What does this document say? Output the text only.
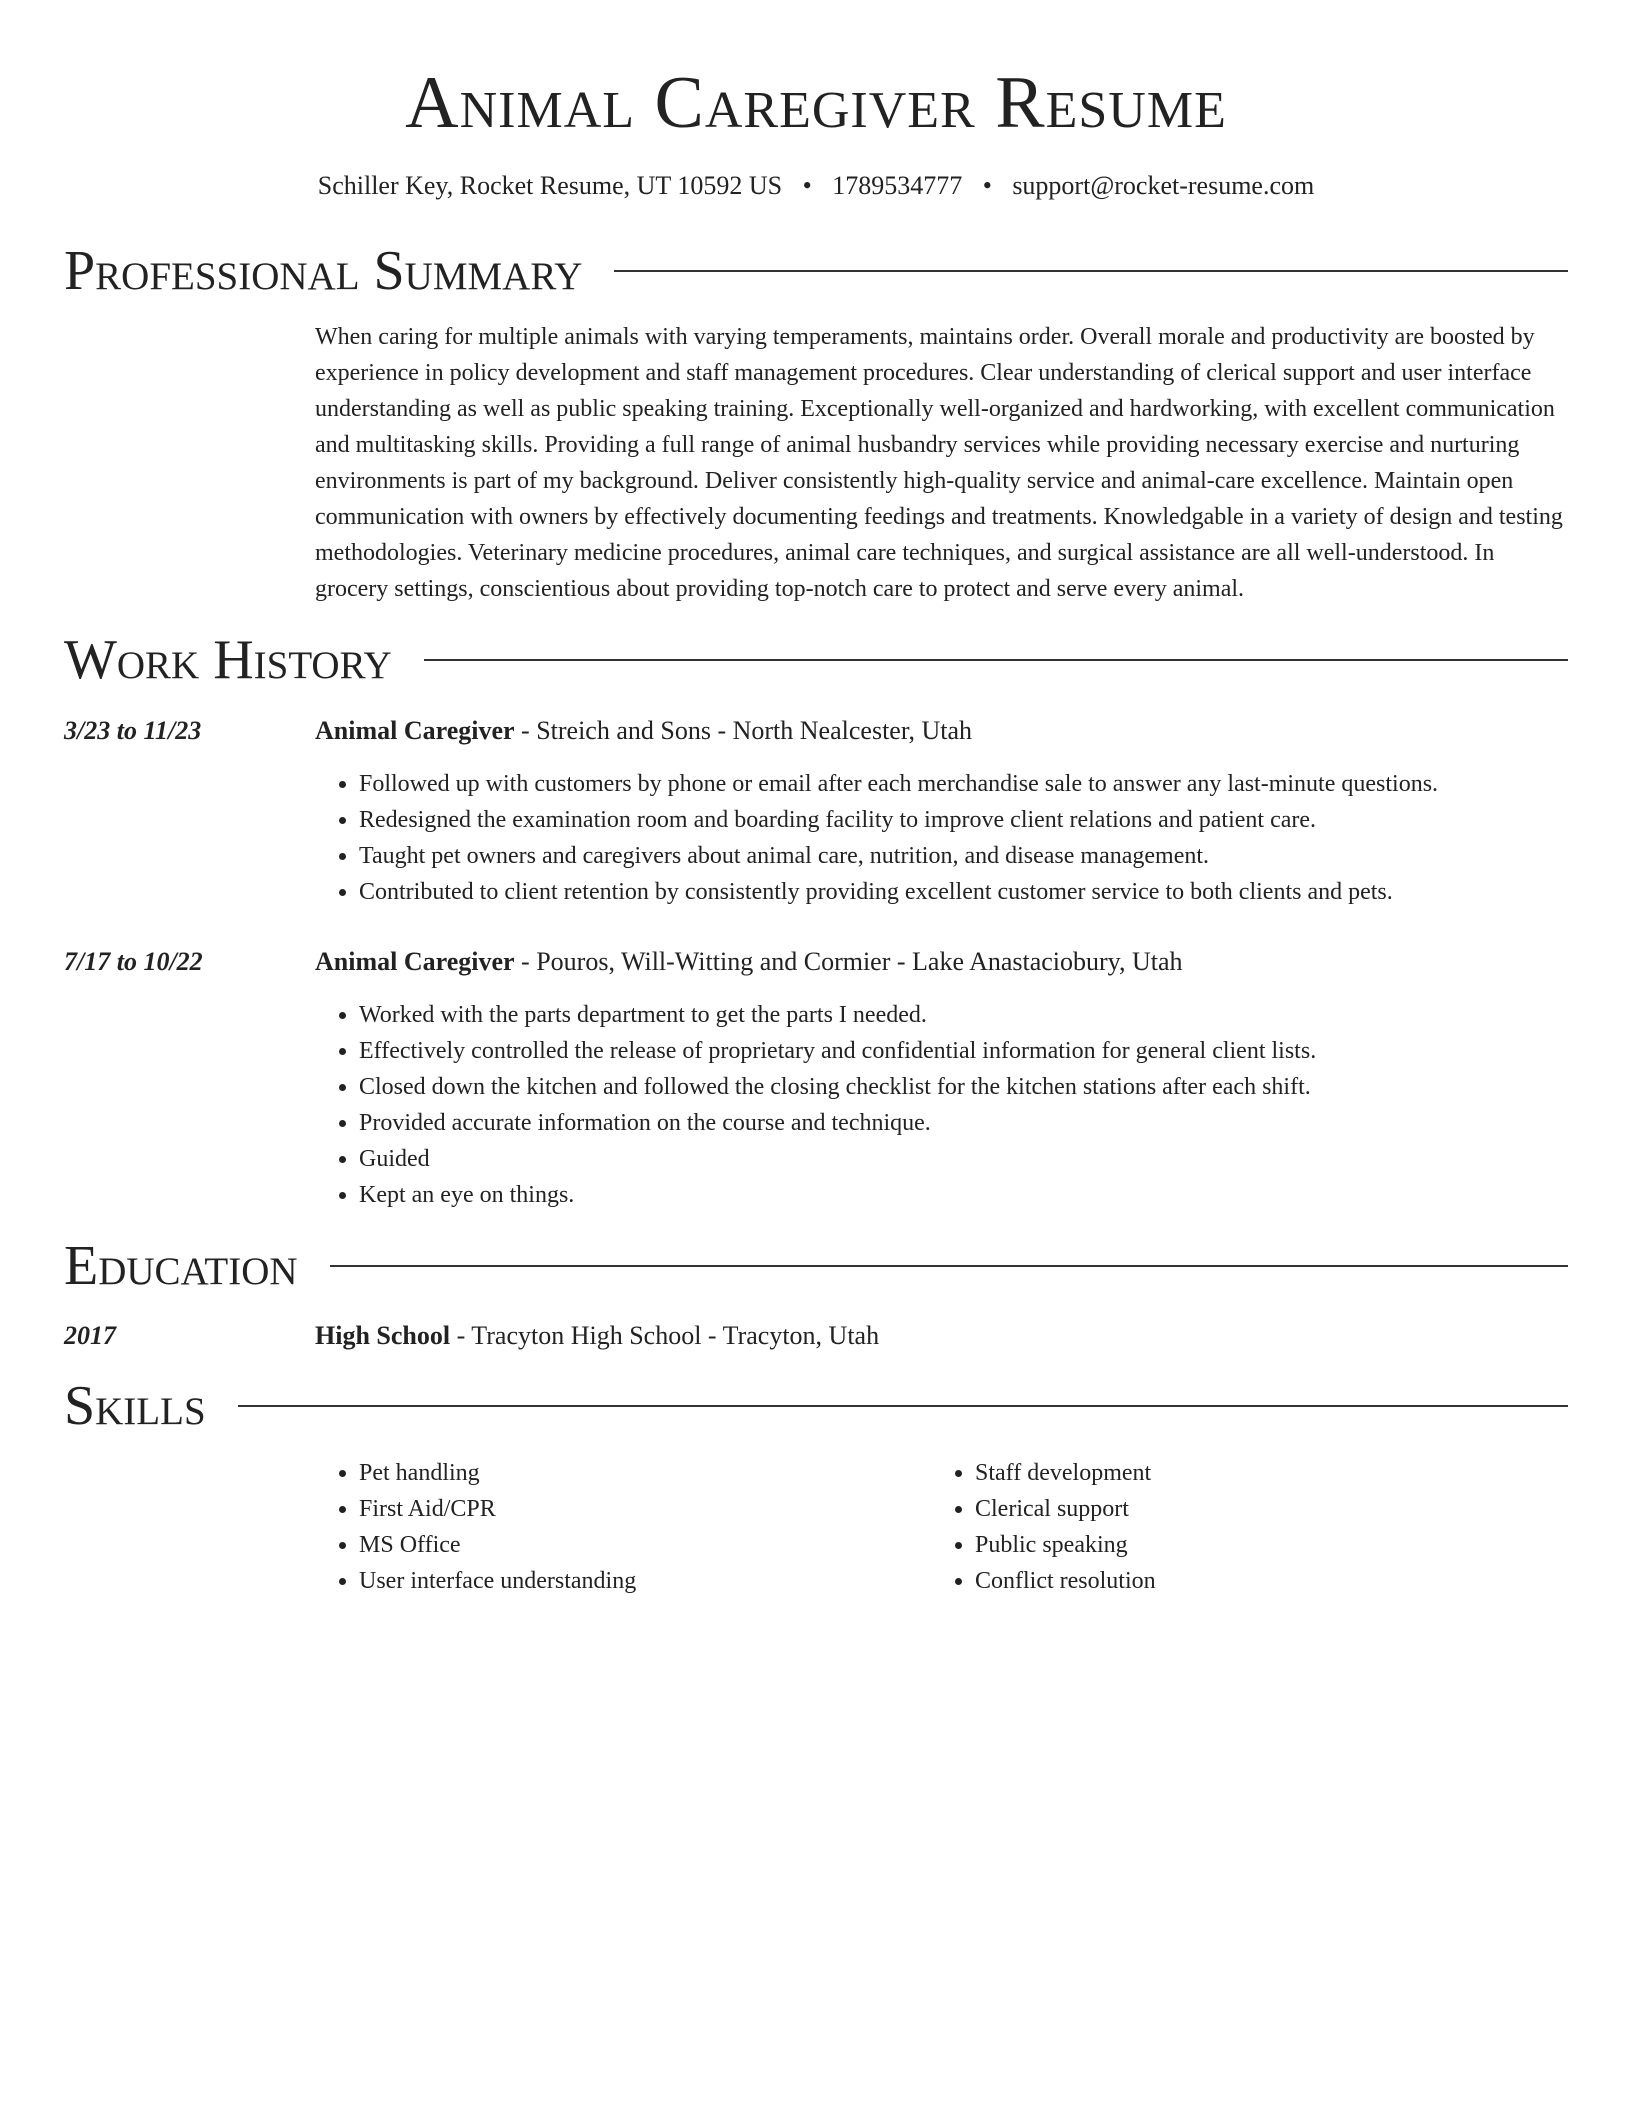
Animal Caregiver Resume
Schiller Key, Rocket Resume, UT 10592 US • 1789534777 • support@rocket-resume.com
Professional Summary
When caring for multiple animals with varying temperaments, maintains order. Overall morale and productivity are boosted by experience in policy development and staff management procedures. Clear understanding of clerical support and user interface understanding as well as public speaking training. Exceptionally well-organized and hardworking, with excellent communication and multitasking skills. Providing a full range of animal husbandry services while providing necessary exercise and nurturing environments is part of my background. Deliver consistently high-quality service and animal-care excellence. Maintain open communication with owners by effectively documenting feedings and treatments. Knowledgable in a variety of design and testing methodologies. Veterinary medicine procedures, animal care techniques, and surgical assistance are all well-understood. In grocery settings, conscientious about providing top-notch care to protect and serve every animal.
Work History
3/23 to 11/23	Animal Caregiver - Streich and Sons - North Nealcester, Utah
• Followed up with customers by phone or email after each merchandise sale to answer any last-minute questions.
• Redesigned the examination room and boarding facility to improve client relations and patient care.
• Taught pet owners and caregivers about animal care, nutrition, and disease management.
• Contributed to client retention by consistently providing excellent customer service to both clients and pets.
7/17 to 10/22	Animal Caregiver - Pouros, Will-Witting and Cormier - Lake Anastaciobury, Utah
• Worked with the parts department to get the parts I needed.
• Effectively controlled the release of proprietary and confidential information for general client lists.
• Closed down the kitchen and followed the closing checklist for the kitchen stations after each shift.
• Provided accurate information on the course and technique.
• Guided
• Kept an eye on things.
Education
2017	High School - Tracyton High School - Tracyton, Utah
Skills
• Pet handling
• First Aid/CPR
• MS Office
• User interface understanding
• Staff development
• Clerical support
• Public speaking
• Conflict resolution
